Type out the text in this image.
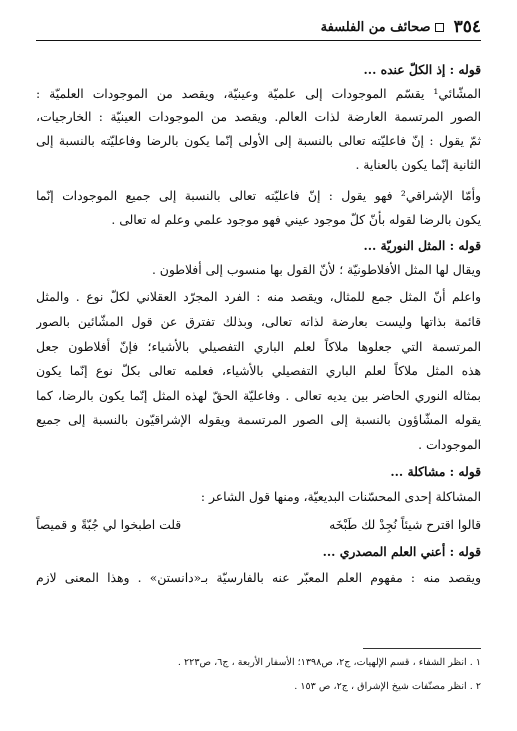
٣٥٤
صحائف من الفلسفة
قوله : إذ الكلّ عنده ...
المشّائي¹ يقسّم الموجودات إلى علميّة وعينيّة، ويقصد من الموجودات العلميّة :
الصور المرتسمة العارضة لذات العالم. ويقصد من الموجودات العينيّة : الخارجيات،
ثمّ يقول : إنّ فاعليّته تعالى بالنسبة إلى الأولى إنّما يكون بالرضا وفاعليّته بالنسبة إلى
الثانية إنّما يكون بالعناية .
وأمّا الإشراقي² فهو يقول : إنّ فاعليّته تعالى بالنسبة إلى جميع الموجودات إنّما
يكون بالرضا لقوله بأنّ كلّ موجود عيني فهو موجود علمي وعلم له تعالى .
قوله : المثل النوريّة ...
ويقال لها المثل الأفلاطونيّة ؛ لأنّ القول بها منسوب إلى أفلاطون .
واعلم أنّ المثل جمع للمثال، ويقصد منه : الفرد المجرّد العقلاني لكلّ نوع . والمثل
قائمة بذاتها وليست بعارضة لذاته تعالى، وبذلك تفترق عن قول المشّائين بالصور
المرتسمة التي جعلوها ملاكاً لعلم الباري التفصيلي بالأشياء؛ فإنّ أفلاطون جعل
هذه المثل ملاكاً لعلم الباري التفصيلي بالأشياء، فعلمه تعالى بكلّ نوع إنّما يكون
بمثاله النوري الحاضر بين يديه تعالى . وفاعليّة الحقّ لهذه المثل إنّما يكون بالرضا، كما
يقوله المشّاؤون بالنسبة إلى الصور المرتسمة ويقوله الإشراقيّون بالنسبة إلى جميع
الموجودات .
قوله : مشاكلة ...
المشاكلة إحدى المحسّنات البديعيّة، ومنها قول الشاعر :
قالوا اقترح شيئاً نُجِدْ لك طَبْخَه
قلت اطبخوا لي جُبّةً و قميصاً
قوله : أعني العلم المصدري ...
ويقصد منه : مفهوم العلم المعبّر عنه بالفارسيّة بـ«دانستن» . وهذا المعنى لازم
١ . انظر الشفاء ، قسم الإلهيات، ج٢، ص١٣٩٨؛ الأسفار الأربعة ، ج٦، ص٢٢٣ .
٢ . انظر مصنّفات شيخ الإشراق ، ج٢، ص ١٥٣ .
